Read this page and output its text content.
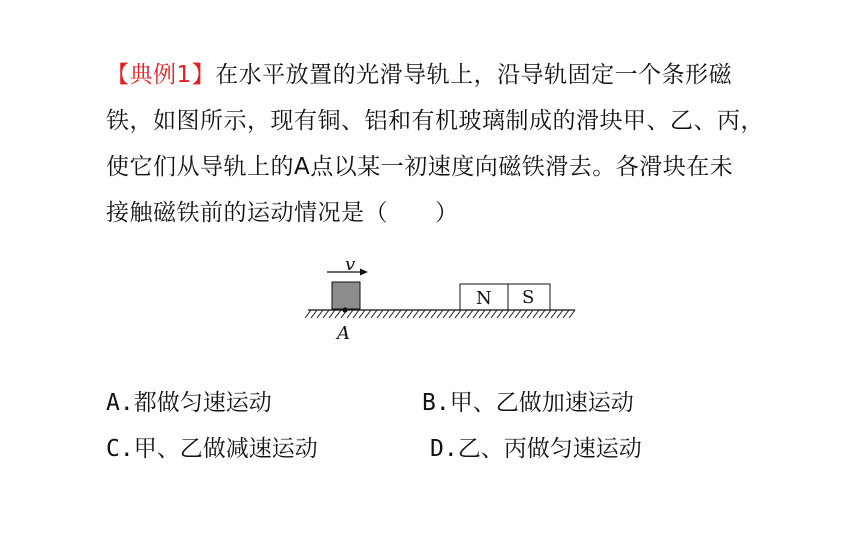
【典例1】在水平放置的光滑导轨上，沿导轨固定一个条形磁
铁，如图所示，现有铜、铝和有机玻璃制成的滑块甲、乙、丙，
使它们从导轨上的A点以某一初速度向磁铁滑去。各滑块在未
接触磁铁前的运动情况是（　　）
v
N S
A
A.都做匀速运动	B.甲、乙做加速运动
C.甲、乙做减速运动	D.乙、丙做匀速运动
